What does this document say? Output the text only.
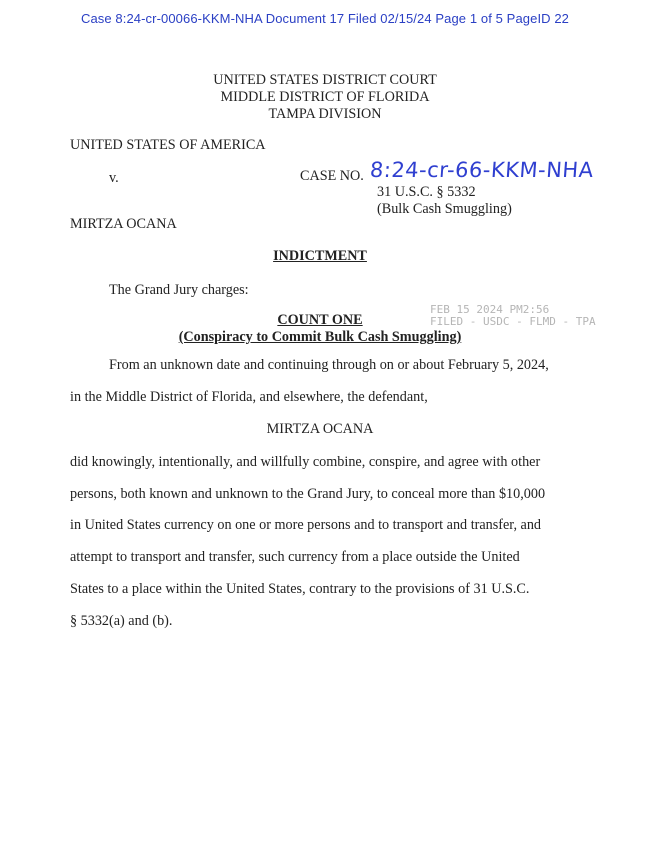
Case 8:24-cr-00066-KKM-NHA Document 17 Filed 02/15/24 Page 1 of 5 PageID 22
UNITED STATES DISTRICT COURT
MIDDLE DISTRICT OF FLORIDA
TAMPA DIVISION
UNITED STATES OF AMERICA
v.	CASE NO. 8:24-cr-66-KKM-NHA
31 U.S.C. § 5332
(Bulk Cash Smuggling)
MIRTZA OCANA
INDICTMENT
The Grand Jury charges:
FEB 15 2024 PM2:56
FILED - USDC - FLMD - TPA
COUNT ONE
(Conspiracy to Commit Bulk Cash Smuggling)
From an unknown date and continuing through on or about February 5, 2024,
in the Middle District of Florida, and elsewhere, the defendant,
MIRTZA OCANA
did knowingly, intentionally, and willfully combine, conspire, and agree with other
persons, both known and unknown to the Grand Jury, to conceal more than $10,000
in United States currency on one or more persons and to transport and transfer, and
attempt to transport and transfer, such currency from a place outside the United
States to a place within the United States, contrary to the provisions of 31 U.S.C.
§ 5332(a) and (b).
